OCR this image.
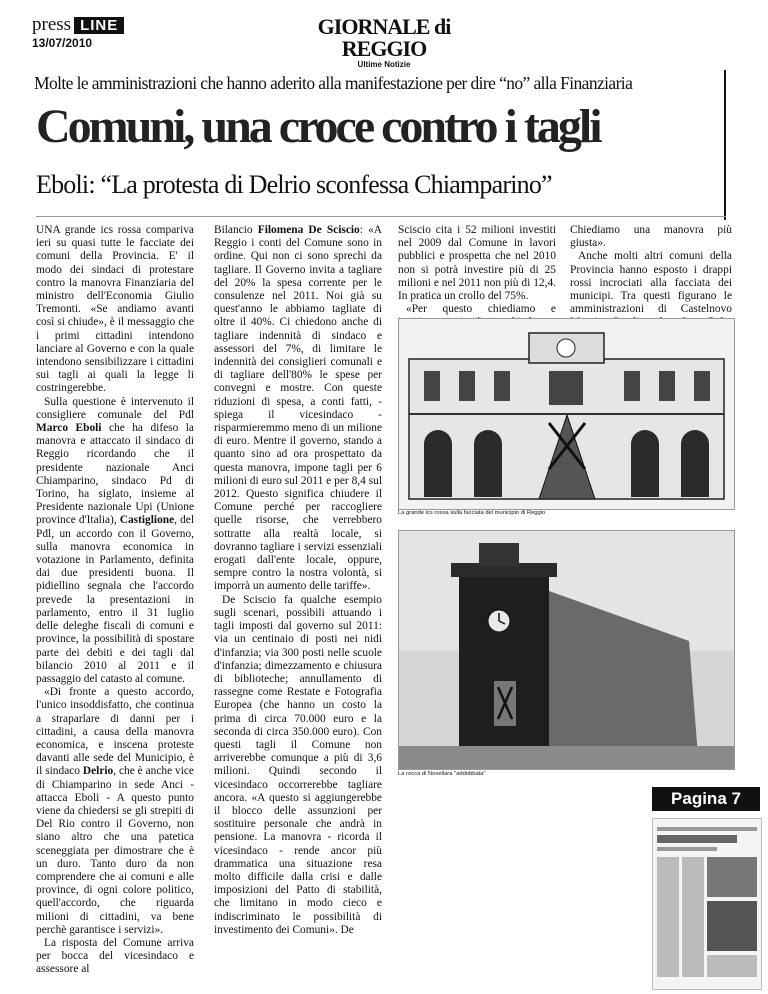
press LINE
13/07/2010
GIORNALE di REGGIO
Ultime Notizie
Molte le amministrazioni che hanno aderito alla manifestazione per dire “no” alla Finanziaria
Comuni, una croce contro i tagli
Eboli: “La protesta di Delrio sconfessa Chiamparino”

UNA grande ics rossa compariva ieri su quasi tutte le facciate dei comuni della Provincia. E' il modo dei sindaci di protestare contro la manovra Finanziaria del ministro dell'Economia Giulio Tremonti. «Se andiamo avanti così si chiude», è il messaggio che i primi cittadini intendono lanciare al Governo e con la quale intendono sensibilizzare i cittadini sui tagli ai quali la legge li costringerebbe.

Sulla questione è intervenuto il consigliere comunale del Pdl Marco Eboli che ha difeso la manovra e attaccato il sindaco di Reggio ricordando che il presidente nazionale Anci Chiamparino, sindaco Pd di Torino, ha siglato, insieme al Presidente nazionale Upi (Unione province d'Italia), Castiglione, del Pdl, un accordo con il Governo, sulla manovra economica in votazione in Parlamento, definita dai due presidenti buona. Il pidiellino segnala che l'accordo prevede la presentazioni in parlamento, entro il 31 luglio delle deleghe fiscali di comuni e province, la possibilità di spostare parte dei debiti e dei tagli dal bilancio 2010 al 2011 e il passaggio del catasto al comune.

«Di fronte a questo accordo, l'unico insoddisfatto, che continua a straparlare di danni per i cittadini, a causa della manovra economica, e inscena proteste davanti alle sede del Municipio, è il sindaco Delrio, che è anche vice di Chiamparino in sede Anci - attacca Eboli - A questo punto viene da chiedersi se gli strepiti di Del Rio contro il Governo, non siano altro che una patetica sceneggiata per dimostrare che è un duro. Tanto duro da non comprendere che ai comuni e alle province, di ogni colore politico, quell'accordo, che riguarda milioni di cittadini, va bene perchè garantisce i servizi».

La risposta del Comune arriva per bocca del vicesindaco e assessore al

Bilancio Filomena De Sciscio: «A Reggio i conti del Comune sono in ordine. Qui non ci sono sprechi da tagliare. Il Governo invita a tagliare del 20% la spesa corrente per le consulenze nel 2011. Noi già su quest'anno le abbiamo tagliate di oltre il 40%. Ci chiedono anche di tagliare indennità di sindaco e assessori del 7%, di limitare le indennità dei consiglieri comunali e di tagliare dell'80% le spese per convegni e mostre. Con queste riduzioni di spesa, a conti fatti, - spiega il vicesindaco - risparmieremmo meno di un milione di euro. Mentre il governo, stando a quanto sino ad ora prospettato da questa manovra, impone tagli per 6 milioni di euro sul 2011 e per 8,4 sul 2012. Questo significa chiudere il Comune perché per raccogliere quelle risorse, che verrebbero sottratte alla realtà locale, si dovranno tagliare i servizi essenziali erogati dall'ente locale, oppure, sempre contro la nostra volontà, si imporrà un aumento delle tariffe».

De Sciscio fa qualche esempio sugli scenari, possibili attuando i tagli imposti dal governo sul 2011: via un centinaio di posti nei nidi d'infanzia; via 300 posti nelle scuole d'infanzia; dimezzamento e chiusura di biblioteche; annullamento di rassegne come Restate e Fotografia Europea (che hanno un costo la prima di circa 70.000 euro e la seconda di circa 350.000 euro). Con questi tagli il Comune non arriverebbe comunque a più di 3,6 milioni. Quindi secondo il vicesindaco occorrerebbe tagliare ancora. «A questo si aggiungerebbe il blocco delle assunzioni per sostituire personale che andrà in pensione. La manovra - ricorda il vicesindaco - rende ancor più drammatica una situazione resa molto difficile dalla crisi e dalle imposizioni del Patto di stabilità, che limitano in modo cieco e indiscriminato le possibilità di investimento dei Comuni». De

Sciscio cita i 52 milioni investiti nel 2009 dal Comune in lavori pubblici e prospetta che nel 2010 non si potrà investire più di 25 milioni e nel 2011 non più di 12,4. In pratica un crollo del 75%.

«Per questo chiediamo e

Chiediamo una manovra più giusta».

Anche molti altri comuni della Provincia hanno esposto i drappi rossi incrociati alla facciata dei municipi. Tra questi figurano le amministrazioni di Castelnovo

La grande ics rossa sulla facciata del municipio di Reggio
La rocca di Novellara "addobbata"
Pagina 7
